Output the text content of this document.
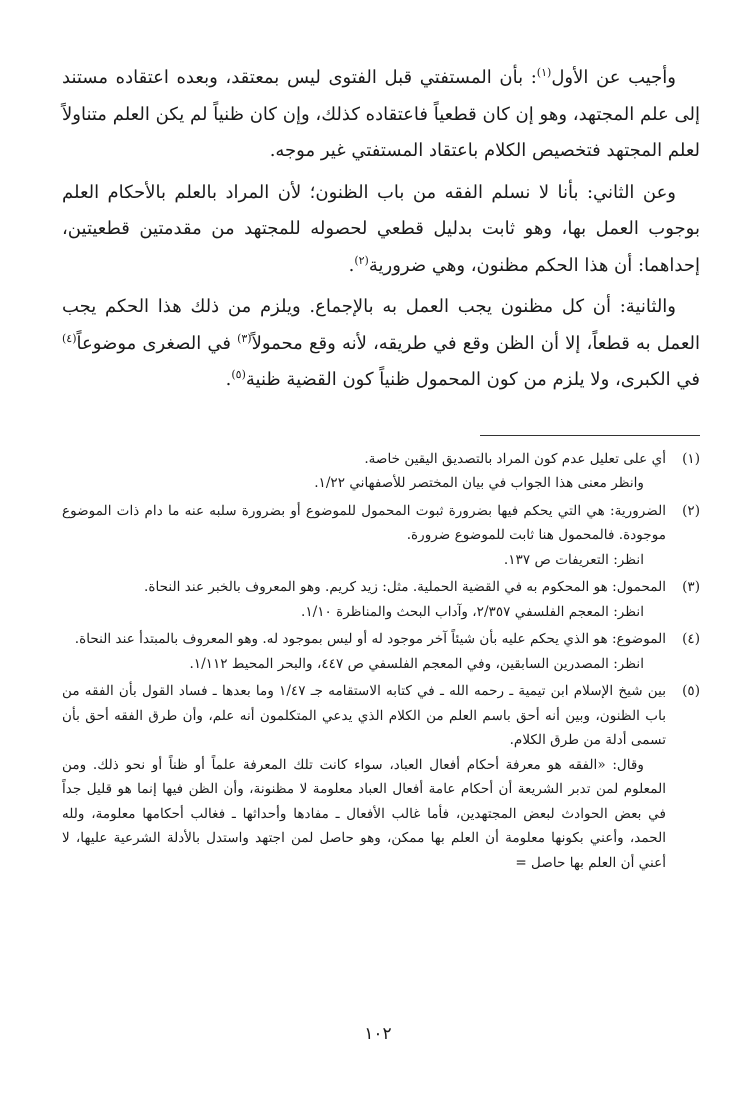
وأجيب عن الأول$^{(١)}$: بأن المستفتي قبل الفتوى ليس بمعتقد، وبعده اعتقاده مستند إلى علم المجتهد، وهو إن كان قطعياً فاعتقاده كذلك، وإن كان ظنياً لم يكن العلم متناولاً لعلم المجتهد فتخصيص الكلام باعتقاد المستفتي غير موجه.

وعن الثاني: بأنا لا نسلم الفقه من باب الظنون؛ لأن المراد بالعلم بالأحكام العلم بوجوب العمل بها، وهو ثابت بدليل قطعي لحصوله للمجتهد من مقدمتين قطعيتين، إحداهما: أن هذا الحكم مظنون، وهي ضرورية$^{(٢)}$.

والثانية: أن كل مظنون يجب العمل به بالإجماع. ويلزم من ذلك هذا الحكم يجب العمل به قطعاً، إلا أن الظن وقع في طريقه، لأنه وقع محمولاً$^{(٣)}$ في الصغرى موضوعاً$^{(٤)}$ في الكبرى، ولا يلزم من كون المحمول ظنياً كون القضية ظنية$^{(٥)}$.

(١)

أي على تعليل عدم كون المراد بالتصديق اليقين خاصة.

وانظر معنى هذا الجواب في بيان المختصر للأصفهاني ١/٢٢.

(٢)

الضرورية: هي التي يحكم فيها بضرورة ثبوت المحمول للموضوع أو بضرورة سلبه عنه ما دام ذات الموضوع موجودة. فالمحمول هنا ثابت للموضوع ضرورة.

انظر: التعريفات ص ١٣٧.

(٣)

المحمول: هو المحكوم به في القضية الحملية. مثل: زيد كريم. وهو المعروف بالخبر عند النحاة.

انظر: المعجم الفلسفي ٢/٣٥٧، وآداب البحث والمناظرة ١/١٠.

(٤)

الموضوع: هو الذي يحكم عليه بأن شيئاً آخر موجود له أو ليس بموجود له. وهو المعروف بالمبتدأ عند النحاة.

انظر: المصدرين السابقين، وفي المعجم الفلسفي ص ٤٤٧، والبحر المحيط ١/١١٢.

(٥)

بين شيخ الإسلام ابن تيمية ـ رحمه الله ـ في كتابه الاستقامه جـ ١/٤٧ وما بعدها ـ فساد القول بأن الفقه من باب الظنون، وبين أنه أحق باسم العلم من الكلام الذي يدعي المتكلمون أنه علم، وأن طرق الفقه أحق بأن تسمى أدلة من طرق الكلام.

وقال: «الفقه هو معرفة أحكام أفعال العباد، سواء كانت تلك المعرفة علماً أو ظناً أو نحو ذلك. ومن المعلوم لمن تدبر الشريعة أن أحكام عامة أفعال العباد معلومة لا مظنونة، وأن الظن فيها إنما هو قليل جداً في بعض الحوادث لبعض المجتهدين، فأما غالب الأفعال ـ مفادها وأحداثها ـ فغالب أحكامها معلومة، ولله الحمد، وأعني بكونها معلومة أن العلم بها ممكن، وهو حاصل لمن اجتهد واستدل بالأدلة الشرعية عليها، لا أعني أن العلم بها حاصل =

١٠٢
